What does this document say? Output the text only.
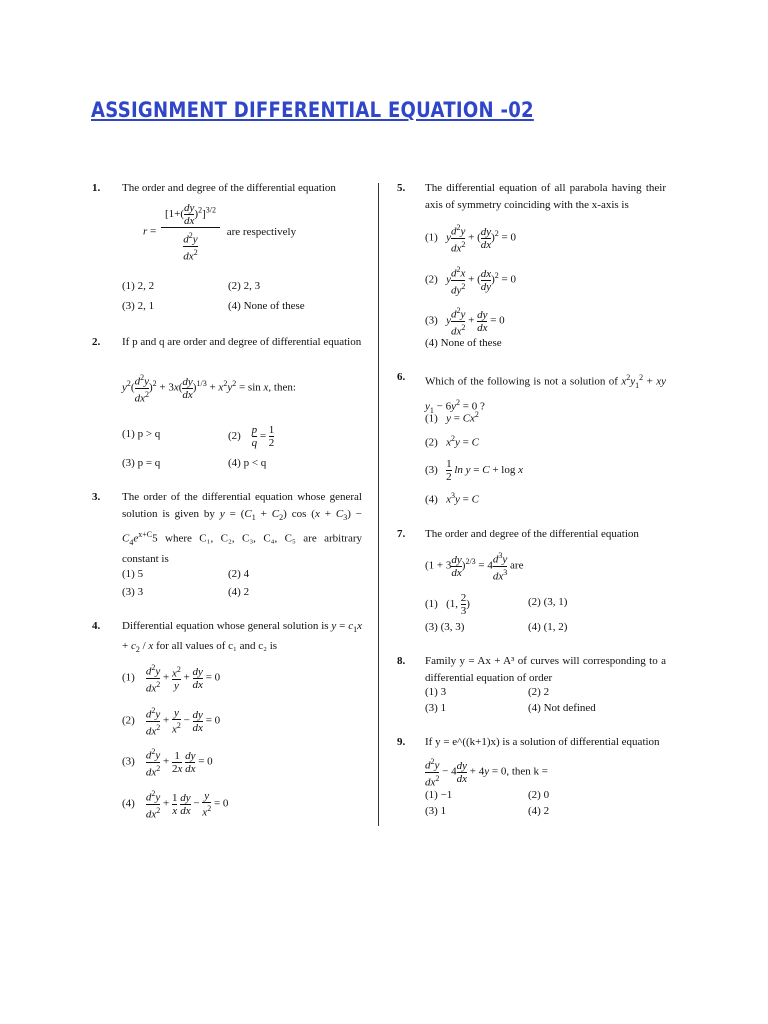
ASSIGNMENT DIFFERENTIAL EQUATION -02
1. The order and degree of the differential equation
$r = \frac{[1+( \frac{dy}{dx} )^2]^{3/2}}{\frac{d^2y}{dx^2}}$ are respectively
(1) 2, 2	(2) 2, 3
(3) 2, 1	(4) None of these
2. If p and q are order and degree of differential equation
$y^2( \frac{d^2y}{dx^2} )^2 + 3x( \frac{dy}{dx} )^{1/3} + x^2y^2 = \sin x$, then:
(1) p > q	$(2) \frac{p}{q} = \frac{1}{2}$
(3) p = q	(4) p < q
3. The order of the differential equation whose general solution is given by $y = (C_1 + C_2)$ $\cos (x + C_3) - C_4e^{x+C}5$ where C₁, C₂, C₃, C₄, C₅ are arbitrary constant is
(1) 5	(2) 4
(3) 3	(4) 2
4. Differential equation whose general solution is $y = c_1x + c_2 / x$ for all values of c₁ and c₂ is
$(1) \frac{d^2y}{dx^2} + \frac{x^2}{y} + \frac{dy}{dx} = 0$
$(2) \frac{d^2y}{dx^2} + \frac{y}{x^2} - \frac{dy}{dx} = 0$
$(3) \frac{d^2y}{dx^2} + \frac{1}{2x}$
$\frac{dy}{dx} = 0$
$(4) \frac{d^2y}{dx^2} + \frac{1}{x}$
$\frac{dy}{dx} - \frac{y}{x^2} = 0$
5. The differential equation of all parabola having their axis of symmetry coinciding with the x-axis is
(1) y $\frac{d^2y}{dx^2}$ + ( $\frac{dy}{dx} )^2 = 0$
(2) y $\frac{d^2x}{dy^2}$ + ( $\frac{dx}{dy} )^2 = 0$
(3) y $\frac{d^2y}{dx^2} + \frac{dy}{dx} = 0$
(4) None of these
6. Which of the following is not a solution of $x^2y_1^2$ + xy $y_1 - 6y^2 = 0$ ?
(1) $y = Cx^2$
(2) $x^2y = C$
$(3) \frac{1}{2}$ ln y = C + log x
(4) $x^3y = C$
7. The order and degree of the differential equation
$(1 + 3 \frac{dy}{dx} )^{2/3} = 4 \frac{d^3y}{dx^3}$ are
(1)   (1, $\frac{2}{3}$ )	(2) (3, 1)
(3) (3, 3)	(4) (1, 2)
8. Family y = Ax + A³ of curves will corresponding to a differential equation of order
(1) 3	(2) 2
(3) 1	(4) Not defined
9. If y = e^((k+1)x) is a solution of differential equation
$\frac{d^2y}{dx^2} - 4 \frac{dy}{dx} + 4y = 0$, then k =
(1) −1	(2) 0
(3) 1	(4) 2
